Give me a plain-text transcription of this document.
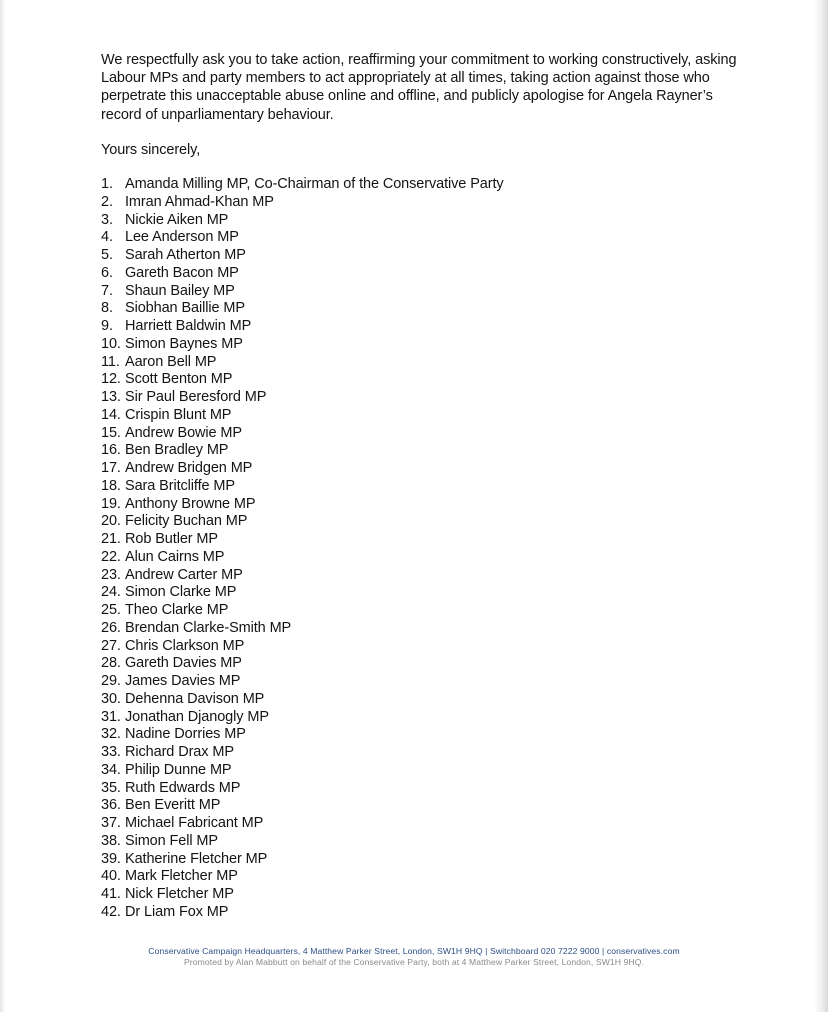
We respectfully ask you to take action, reaffirming your commitment to working constructively, asking Labour MPs and party members to act appropriately at all times, taking action against those who perpetrate this unacceptable abuse online and offline, and publicly apologise for Angela Rayner’s record of unparliamentary behaviour.

Yours sincerely,

1. Amanda Milling MP, Co-Chairman of the Conservative Party
2. Imran Ahmad-Khan MP
3. Nickie Aiken MP
4. Lee Anderson MP
5. Sarah Atherton MP
6. Gareth Bacon MP
7. Shaun Bailey MP
8. Siobhan Baillie MP
9. Harriett Baldwin MP
10. Simon Baynes MP
11. Aaron Bell MP
12. Scott Benton MP
13. Sir Paul Beresford MP
14. Crispin Blunt MP
15. Andrew Bowie MP
16. Ben Bradley MP
17. Andrew Bridgen MP
18. Sara Britcliffe MP
19. Anthony Browne MP
20. Felicity Buchan MP
21. Rob Butler MP
22. Alun Cairns MP
23. Andrew Carter MP
24. Simon Clarke MP
25. Theo Clarke MP
26. Brendan Clarke-Smith MP
27. Chris Clarkson MP
28. Gareth Davies MP
29. James Davies MP
30. Dehenna Davison MP
31. Jonathan Djanogly MP
32. Nadine Dorries MP
33. Richard Drax MP
34. Philip Dunne MP
35. Ruth Edwards MP
36. Ben Everitt MP
37. Michael Fabricant MP
38. Simon Fell MP
39. Katherine Fletcher MP
40. Mark Fletcher MP
41. Nick Fletcher MP
42. Dr Liam Fox MP
Conservative Campaign Headquarters, 4 Matthew Parker Street, London, SW1H 9HQ | Switchboard 020 7222 9000 | conservatives.com
Promoted by Alan Mabbutt on behalf of the Conservative Party, both at 4 Matthew Parker Street, London, SW1H 9HQ.
